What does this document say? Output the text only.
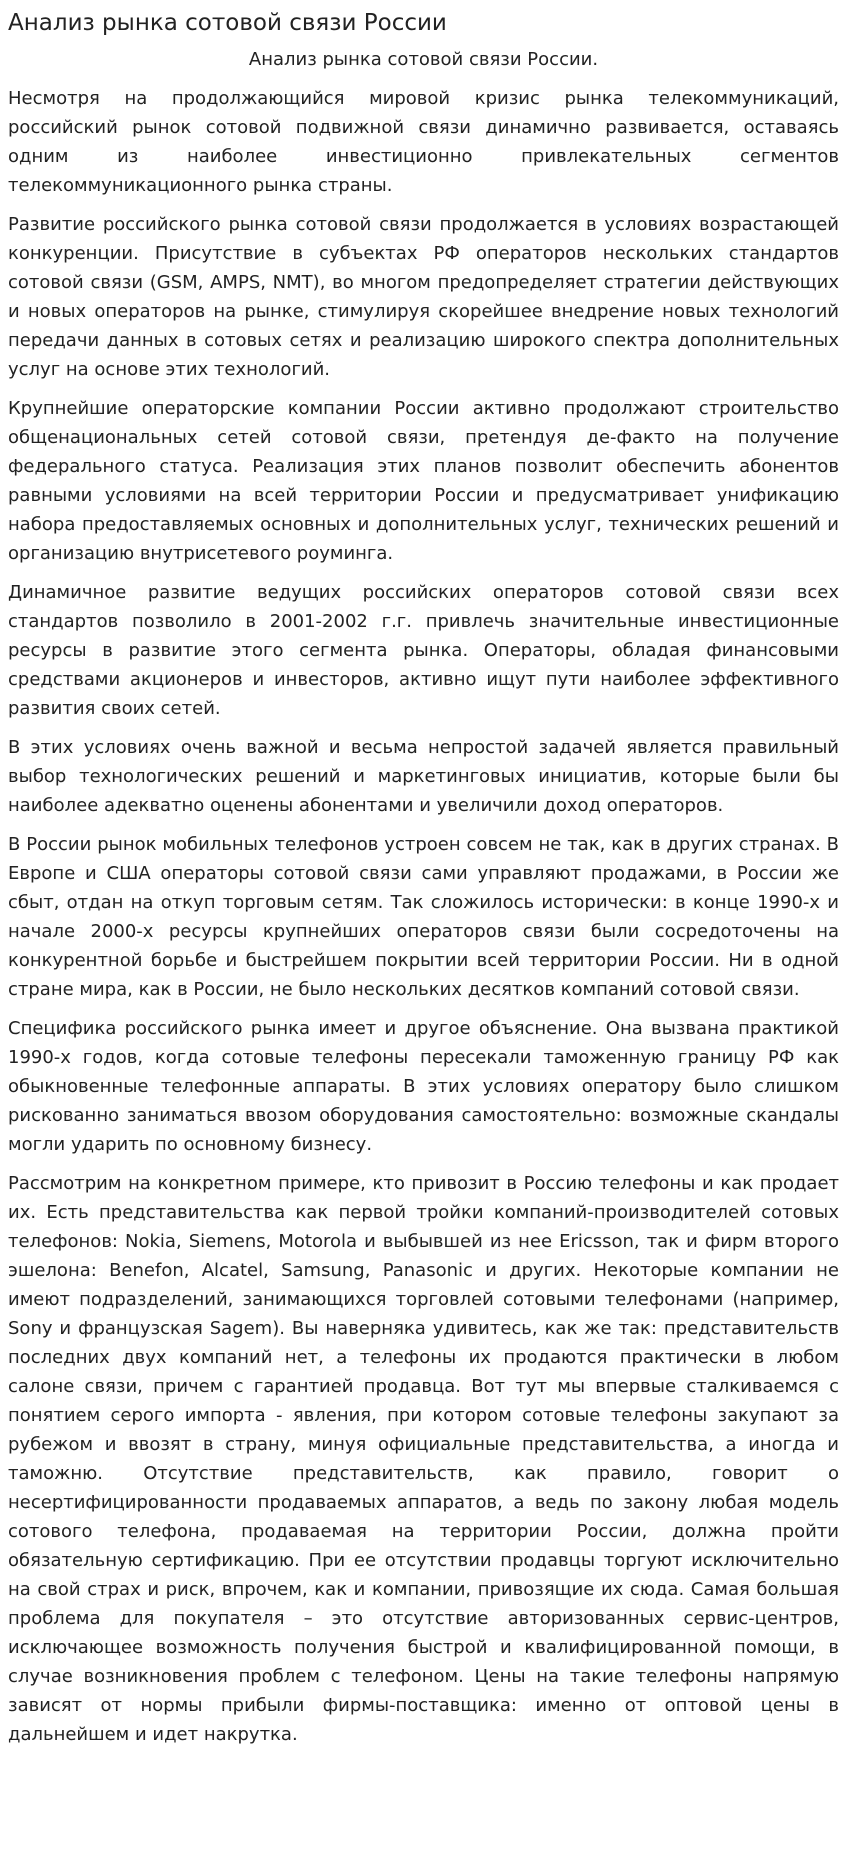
Анализ рынка сотовой связи России
Анализ рынка сотовой связи России.

Несмотря на продолжающийся мировой кризис рынка телекоммуникаций, российский рынок сотовой подвижной связи динамично развивается, оставаясь одним из наиболее инвестиционно привлекательных сегментов телекоммуникационного рынка страны.

Развитие российского рынка сотовой связи продолжается в условиях возрастающей конкуренции. Присутствие в субъектах РФ операторов нескольких стандартов сотовой связи (GSM, AMPS, NMT), во многом предопределяет стратегии действующих и новых операторов на рынке, стимулируя скорейшее внедрение новых технологий передачи данных в сотовых сетях и реализацию широкого спектра дополнительных услуг на основе этих технологий.

Крупнейшие операторские компании России активно продолжают строительство общенациональных сетей сотовой связи, претендуя де-факто на получение федерального статуса. Реализация этих планов позволит обеспечить абонентов равными условиями на всей территории России и предусматривает унификацию набора предоставляемых основных и дополнительных услуг, технических решений и организацию внутрисетевого роуминга.

Динамичное развитие ведущих российских операторов сотовой связи всех стандартов позволило в 2001-2002 г.г. привлечь значительные инвестиционные ресурсы в развитие этого сегмента рынка. Операторы, обладая финансовыми средствами акционеров и инвесторов, активно ищут пути наиболее эффективного развития своих сетей.

В этих условиях очень важной и весьма непростой задачей является правильный выбор технологических решений и маркетинговых инициатив, которые были бы наиболее адекватно оценены абонентами и увеличили доход операторов.

В России рынок мобильных телефонов устроен совсем не так, как в других странах. В Европе и США операторы сотовой связи сами управляют продажами, в России же сбыт, отдан на откуп торговым сетям. Так сложилось исторически: в конце 1990-х и начале 2000-х ресурсы крупнейших операторов связи были сосредоточены на конкурентной борьбе и быстрейшем покрытии всей территории России. Ни в одной стране мира, как в России, не было нескольких десятков компаний сотовой связи.

Специфика российского рынка имеет и другое объяснение. Она вызвана практикой 1990-х годов, когда сотовые телефоны пересекали таможенную границу РФ как обыкновенные телефонные аппараты. В этих условиях оператору было слишком рискованно заниматься ввозом оборудования самостоятельно: возможные скандалы могли ударить по основному бизнесу.

Рассмотрим на конкретном примере, кто привозит в Россию телефоны и как продает их. Есть представительства как первой тройки компаний-производителей сотовых телефонов: Nokia, Siemens, Motorola и выбывшей из нее Ericsson, так и фирм второго эшелона: Benefon, Alcatel, Samsung, Panasonic и других. Некоторые компании не имеют подразделений, занимающихся торговлей сотовыми телефонами (например, Sony и французская Sagem). Вы наверняка удивитесь, как же так: представительств последних двух компаний нет, а телефоны их продаются практически в любом салоне связи, причем с гарантией продавца. Вот тут мы впервые сталкиваемся с понятием серого импорта - явления, при котором сотовые телефоны закупают за рубежом и ввозят в страну, минуя официальные представительства, а иногда и таможню. Отсутствие представительств, как правило, говорит о несертифицированности продаваемых аппаратов, а ведь по закону любая модель сотового телефона, продаваемая на территории России, должна пройти обязательную сертификацию. При ее отсутствии продавцы торгуют исключительно на свой страх и риск, впрочем, как и компании, привозящие их сюда. Самая большая проблема для покупателя – это отсутствие авторизованных сервис-центров, исключающее возможность получения быстрой и квалифицированной помощи, в случае возникновения проблем с телефоном. Цены на такие телефоны напрямую зависят от нормы прибыли фирмы-поставщика: именно от оптовой цены в дальнейшем и идет накрутка.
